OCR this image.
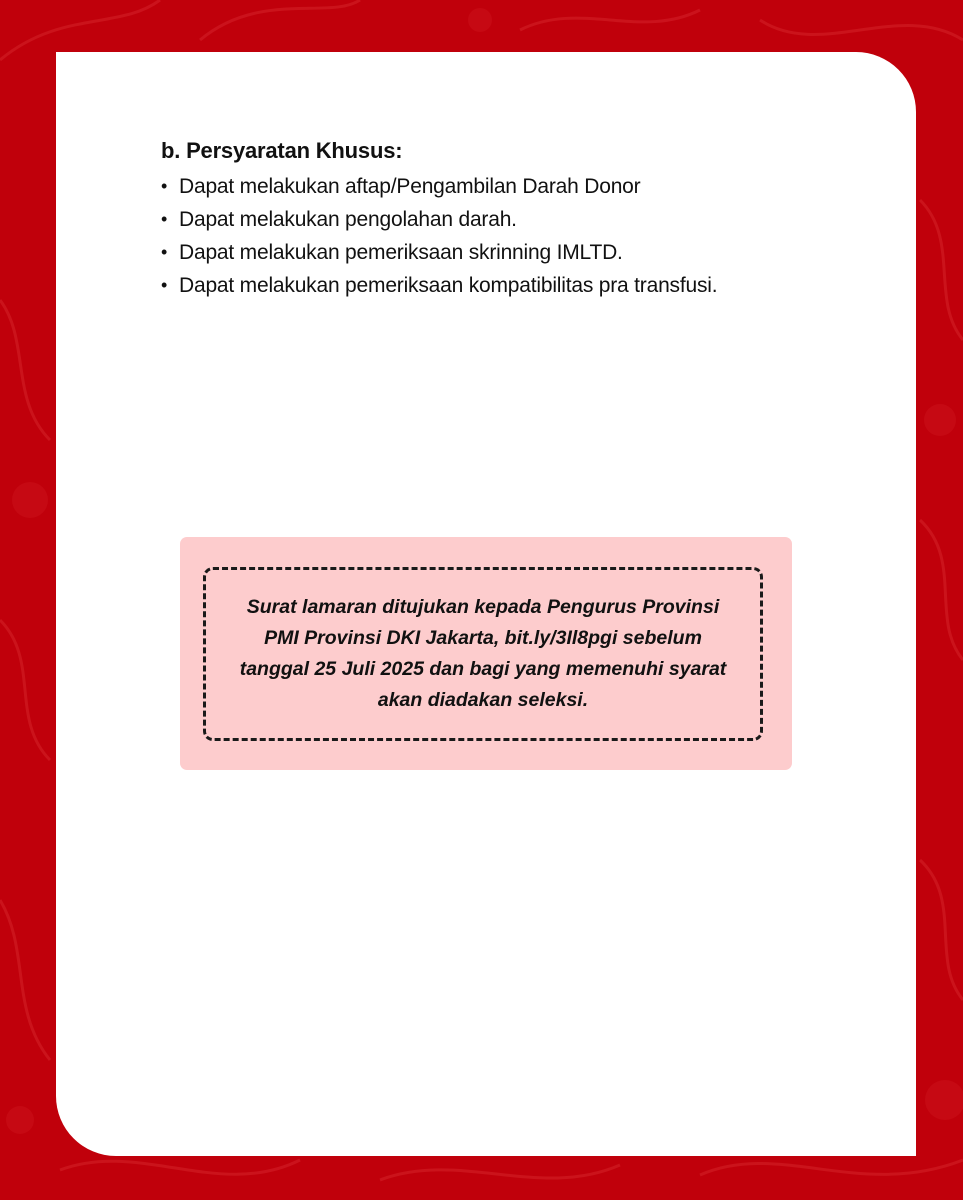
b. Persyaratan Khusus:
• Dapat melakukan aftap/Pengambilan Darah Donor
• Dapat melakukan pengolahan darah.
• Dapat melakukan pemeriksaan skrinning IMLTD.
• Dapat melakukan pemeriksaan kompatibilitas pra transfusi.

Surat lamaran ditujukan kepada Pengurus Provinsi
PMI Provinsi DKI Jakarta, bit.ly/3Il8pgi sebelum
tanggal 25 Juli 2025 dan bagi yang memenuhi syarat
akan diadakan seleksi.
